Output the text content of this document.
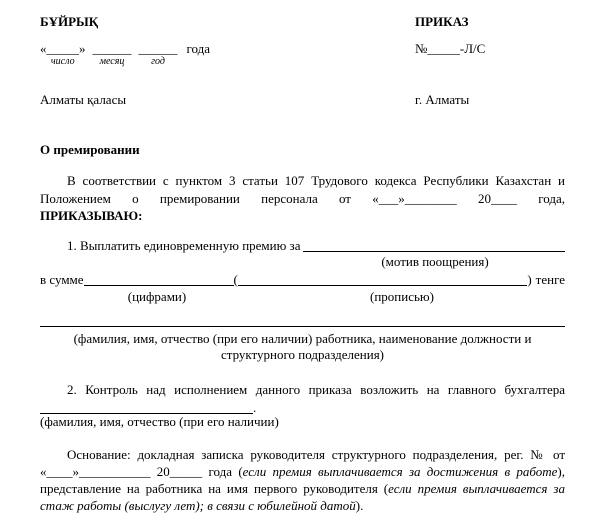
БҰЙРЫҚ	ПРИКАЗ
«_____»
число
______
месяц
______
год
года	№_____-Л/С
Алматы қаласы	г. Алматы
О премировании
В соответствии с пунктом 3 статьи 107 Трудового кодекса Республики Казахстан и
Положением о премировании персонала от «___»________ 20____ года,
ПРИКАЗЫВАЮ:
1. Выплатить единовременную премию за
(мотив поощрения)
в сумме	(	) тенге
(цифрами)	(прописью)
(фамилия, имя, отчество (при его наличии) работника, наименование должности и
структурного подразделения)
2. Контроль над исполнением данного приказа возложить на главного бухгалтера
.
(фамилия, имя, отчество (при его наличии)
Основание: докладная записка руководителя структурного подразделения, рег. № от
«____»___________ 20_____ года (если премия выплачивается за достижения в работе),
представление на работника на имя первого руководителя (если премия выплачивается за
стаж работы (выслугу лет); в связи с юбилейной датой).
